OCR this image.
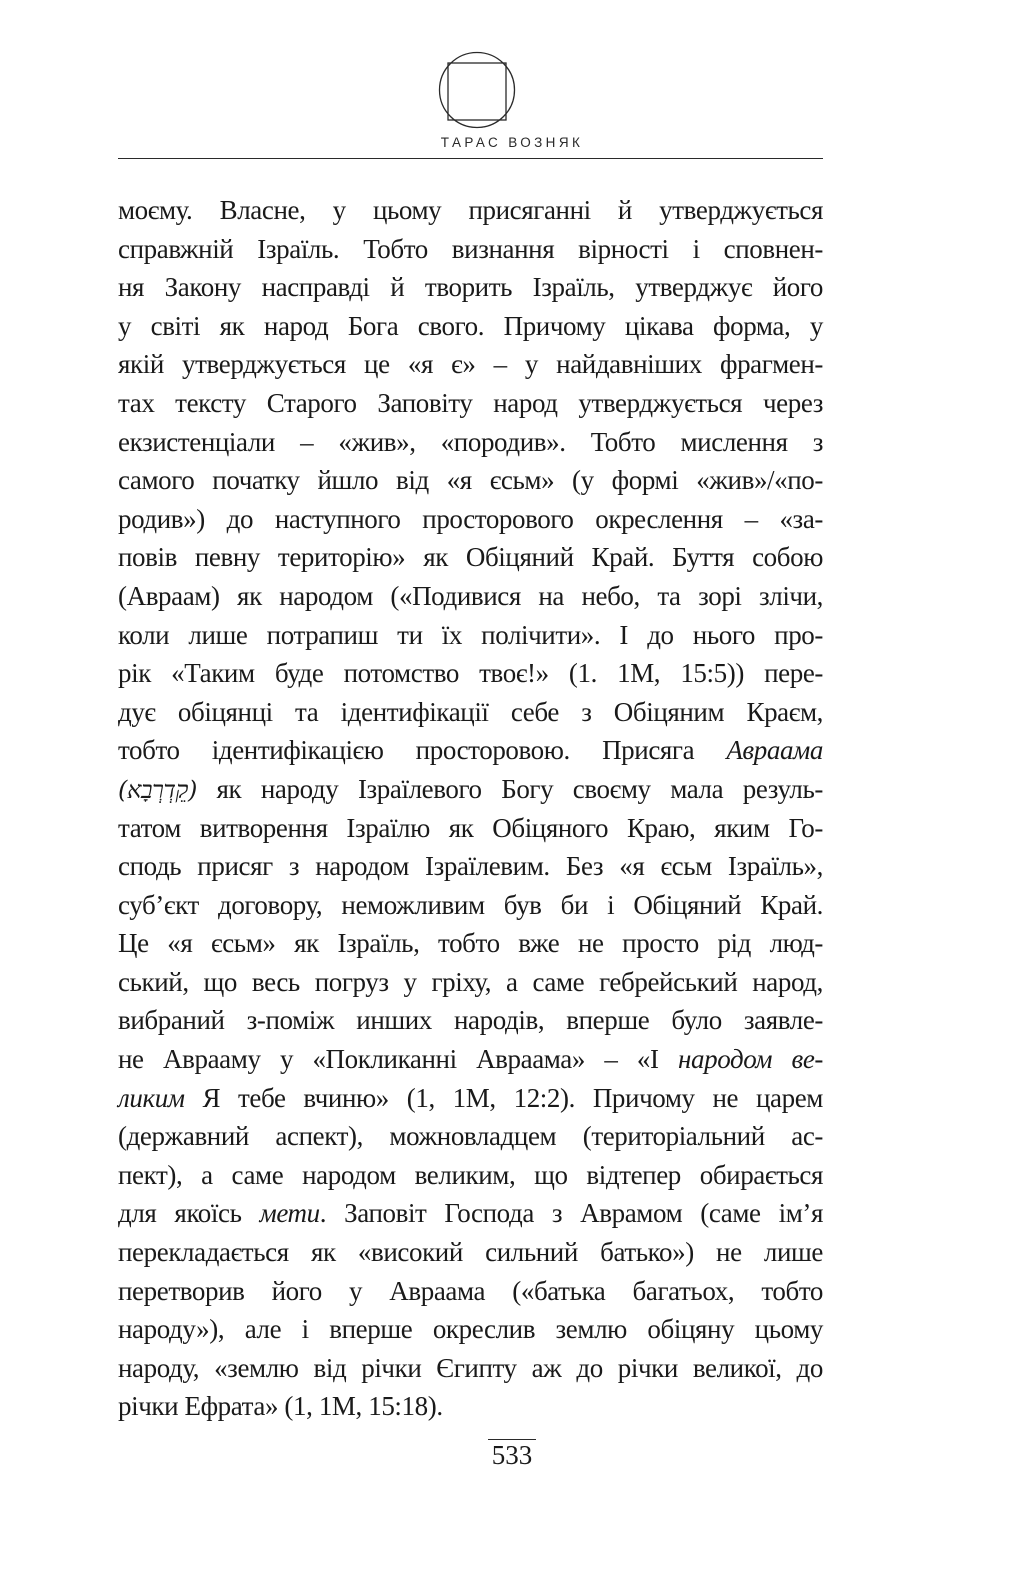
ТАРАС ВОЗНЯК
моєму. Власне, у цьому присяганні й утверджується
справжній Ізраїль. Тобто визнання вірності і сповнен-
ня Закону насправді й творить Ізраїль, утверджує його
у світі як народ Бога свого. Причому цікава форма, у
якій утверджується це «я є» – у найдавніших фрагмен-
тах тексту Старого Заповіту народ утверджується через
екзистенціали – «жив», «породив». Тобто мислення з
самого початку йшло від «я єсьм» (у формі «жив»/«по-
родив») до наступного просторового окреслення – «за-
повів певну територію» як Обіцяний Край. Буття собою
(Авраам) як народом («Подивися на небо, та зорі злічи,
коли лише потрапиш ти їх полічити». І до нього про-
рік «Таким буде потомство твоє!» (1. 1М, 15:5)) пере-
дує обіцянці та ідентифікації себе з Обіцяним Краєм,
тобто ідентифікацією просторовою. Присяга Авраама
(קֵדְרְבָא) як народу Ізраїлевого Богу своєму мала резуль-
татом витворення Ізраїлю як Обіцяного Краю, яким Го-
сподь присяг з народом Ізраїлевим. Без «я єсьм Ізраїль»,
суб’єкт договору, неможливим був би і Обіцяний Край.
Це «я єсьм» як Ізраїль, тобто вже не просто рід люд-
ський, що весь погруз у гріху, а саме гебрейський народ,
вибраний з-поміж инших народів, вперше було заявле-
не Аврааму у «Покликанні Авраама» – «І народом ве-
ликим Я тебе вчиню» (1, 1М, 12:2). Причому не царем
(державний аспект), можновладцем (територіальний ас-
пект), а саме народом великим, що відтепер обирається
для якоїсь мети. Заповіт Господа з Аврамом (саме ім’я
перекладається як «високий сильний батько») не лише
перетворив його у Авраама («батька багатьох, тобто
народу»), але і вперше окреслив землю обіцяну цьому
народу, «землю від річки Єгипту аж до річки великої, до
річки Ефрата» (1, 1М, 15:18).
533
